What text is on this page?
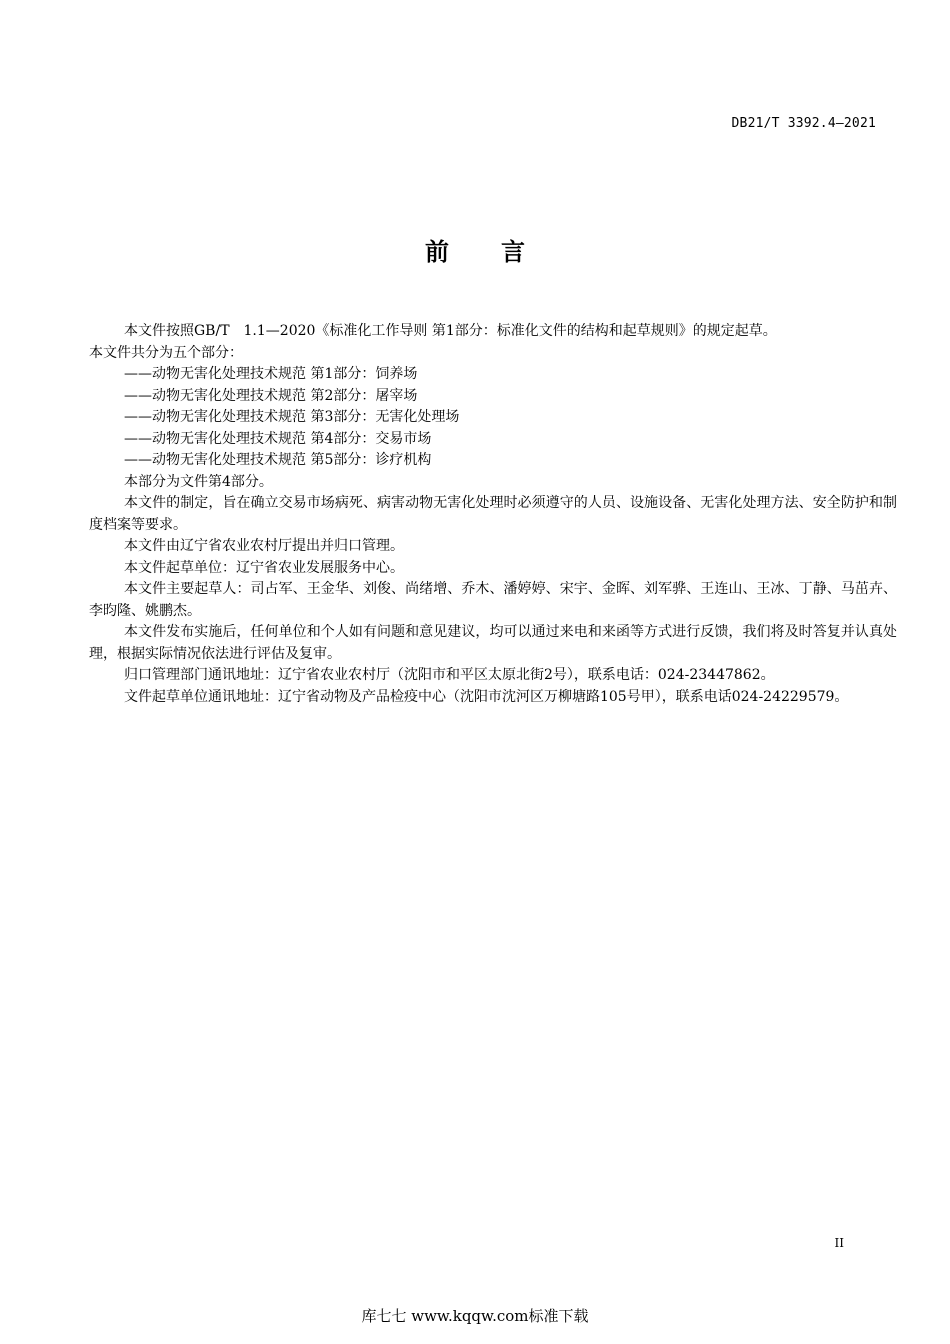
DB21/T 3392.4—2021
前言

本文件按照GB/T　1.1—2020《标准化工作导则 第1部分：标准化文件的结构和起草规则》的规定起草。

本文件共分为五个部分：

——动物无害化处理技术规范 第1部分：饲养场

——动物无害化处理技术规范 第2部分：屠宰场

——动物无害化处理技术规范 第3部分：无害化处理场

——动物无害化处理技术规范 第4部分：交易市场

——动物无害化处理技术规范 第5部分：诊疗机构

本部分为文件第4部分。

本文件的制定，旨在确立交易市场病死、病害动物无害化处理时必须遵守的人员、设施设备、无害化处理方法、安全防护和制度档案等要求。

本文件由辽宁省农业农村厅提出并归口管理。

本文件起草单位：辽宁省农业发展服务中心。

本文件主要起草人：司占军、王金华、刘俊、尚绪增、乔木、潘婷婷、宋宇、金晖、刘军骅、王连山、王冰、丁静、马茁卉、李昀隆、姚鹏杰。

本文件发布实施后，任何单位和个人如有问题和意见建议，均可以通过来电和来函等方式进行反馈，我们将及时答复并认真处理，根据实际情况依法进行评估及复审。

归口管理部门通讯地址：辽宁省农业农村厅（沈阳市和平区太原北街2号），联系电话：024-23447862。

文件起草单位通讯地址：辽宁省动物及产品检疫中心（沈阳市沈河区万柳塘路105号甲），联系电话024-24229579。

II
库七七 www.kqqw.com标准下载
